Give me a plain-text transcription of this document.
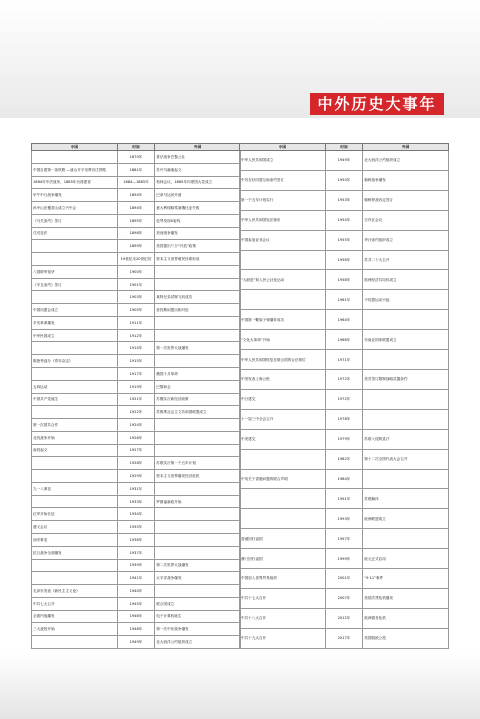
中外历史大事年表
中国	时间	外国
	1870年	普法战争巴黎公社
中国自建第一条铁路 —唐山开平至胥各庄铁路	1881年	苏丹马赫迪起义
1884年中法战争，1885年台湾建省	1884—1885年	柏林会议，1885年印度国大党成立
甲午中日战争爆发	1894年	巴拿马运河开凿
孙中山在檀香山成立兴中会	1894年	意大利侵略埃塞俄比亚失败
《马关条约》签订	1895年	伦琴发现X射线
戊戌变法	1898年	美西战争爆发
	1899年	美国提出“门户开放”政策
	19世纪末20世纪初	资本主义世界殖民体系形成
八国联军侵华	1900年	
《辛丑条约》签订	1901年	
	1903年	莱特兄弟试制飞机成功
中国同盟会成立	1905年	爱因斯坦提出相对论
辛亥革命爆发	1911年	
中华民国成立	1912年	
	1914年	第一次世界大战爆发
陈独秀创办《青年杂志》	1915年	
	1917年	俄国十月革命
五四运动	1919年	巴黎和会
中国共产党诞生	1921年	苏俄实行新经济政策
	1922年	苏维埃社会主义共和国联盟成立
第一次国共合作	1924年	
北伐战争开始	1926年	
南昌起义	1927年	
	1928年	苏联实行第一个五年计划
	1929年	资本主义世界爆发经济危机
九一八事变	1931年	
	1933年	罗斯福新政开始
红军开始长征	1934年	
遵义会议	1935年	
西安事变	1936年	
抗日战争全面爆发	1937年	
	1939年	第二次世界大战爆发
	1941年	太平洋战争爆发
毛泽东发表《新民主主义论》	1940年	
中共七大召开	1945年	联合国成立
全面内战爆发	1946年	电子计算机诞生
三大战役开始	1948年	第一次中东战争爆发
	1949年	北大西洋公约组织成立
中国	时间	外国
中华人民共和国成立	1949年	北大西洋公约组织成立
中苏友好同盟互助条约签订	1950年	朝鲜战争爆发
第一个五年计划实行	1953年	朝鲜停战协定签订
中华人民共和国宪法颁布	1954年	日内瓦会议
中国参加亚非会议	1955年	华沙条约组织成立
	1956年	苏共二十大召开
“大跃进”和人民公社化运动	1958年	欧洲经济共同体成立
	1961年	不结盟运动兴起
中国第一颗原子弹爆炸成功	1964年	
“文化大革命”开始	1966年	东南亚国家联盟成立
中华人民共和国恢复在联合国的合法席位	1971年	
中美发表上海公报	1972年	美苏签订限制战略武器条约
中日建交	1972年	
十一届三中全会召开	1978年	
中美建交	1979年	苏联入侵阿富汗
	1982年	第十二次全国代表大会召开
中英关于香港问题的联合声明	1984年	
	1991年	苏联解体
	1993年	欧洲联盟成立
香港回归祖国	1997年	
澳门回归祖国	1999年	欧元正式启用
中国加入世界贸易组织	2001年	“9·11”事件
中共十七大召开	2007年	美国次贷危机爆发
中共十八大召开	2012年	欧洲债务危机
中共十九大召开	2017年	英国脱欧公投
